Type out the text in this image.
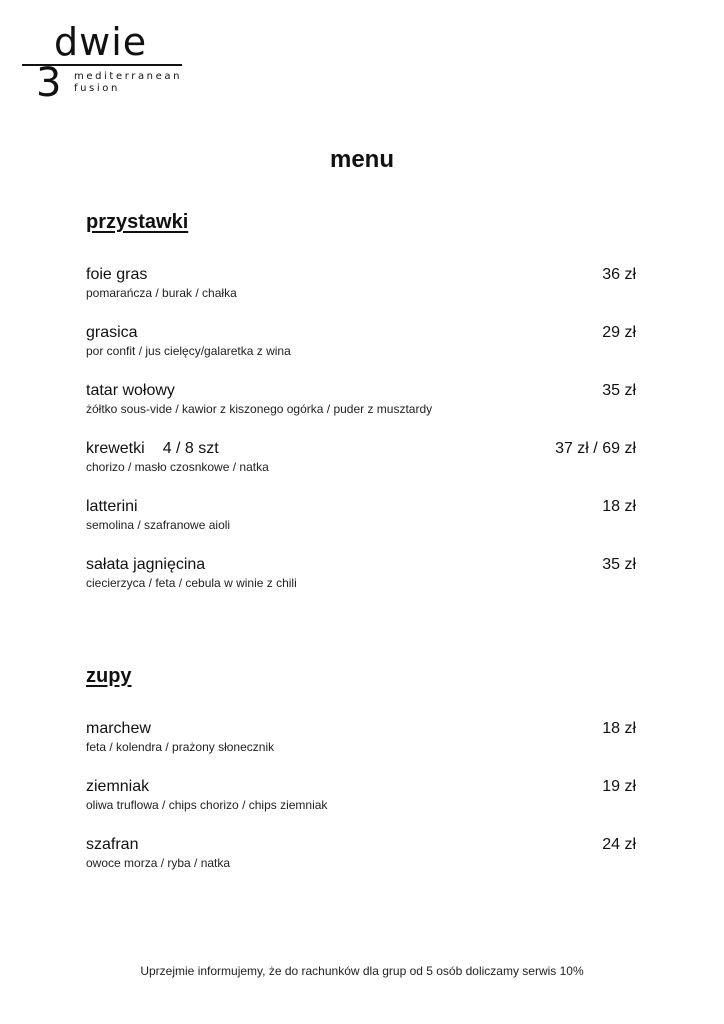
dwie
3 mediterranean
fusion
menu
przystawki
foie gras	36 zł
pomarańcza / burak / chałka
grasica	29 zł
por confit / jus cielęcy/galaretka z wina
tatar wołowy	35 zł
żółtko sous-vide / kawior z kiszonego ogórka / puder z musztardy
krewetki 4 / 8 szt	37 zł / 69 zł
chorizo / masło czosnkowe / natka
latterini	18 zł
semolina / szafranowe aioli
sałata jagnięcina	35 zł
ciecierzyca / feta / cebula w winie z chili
zupy
marchew	18 zł
feta / kolendra / prażony słonecznik
ziemniak	19 zł
oliwa truflowa / chips chorizo / chips ziemniak
szafran	24 zł
owoce morza / ryba / natka
Uprzejmie informujemy, że do rachunków dla grup od 5 osób doliczamy serwis 10%
